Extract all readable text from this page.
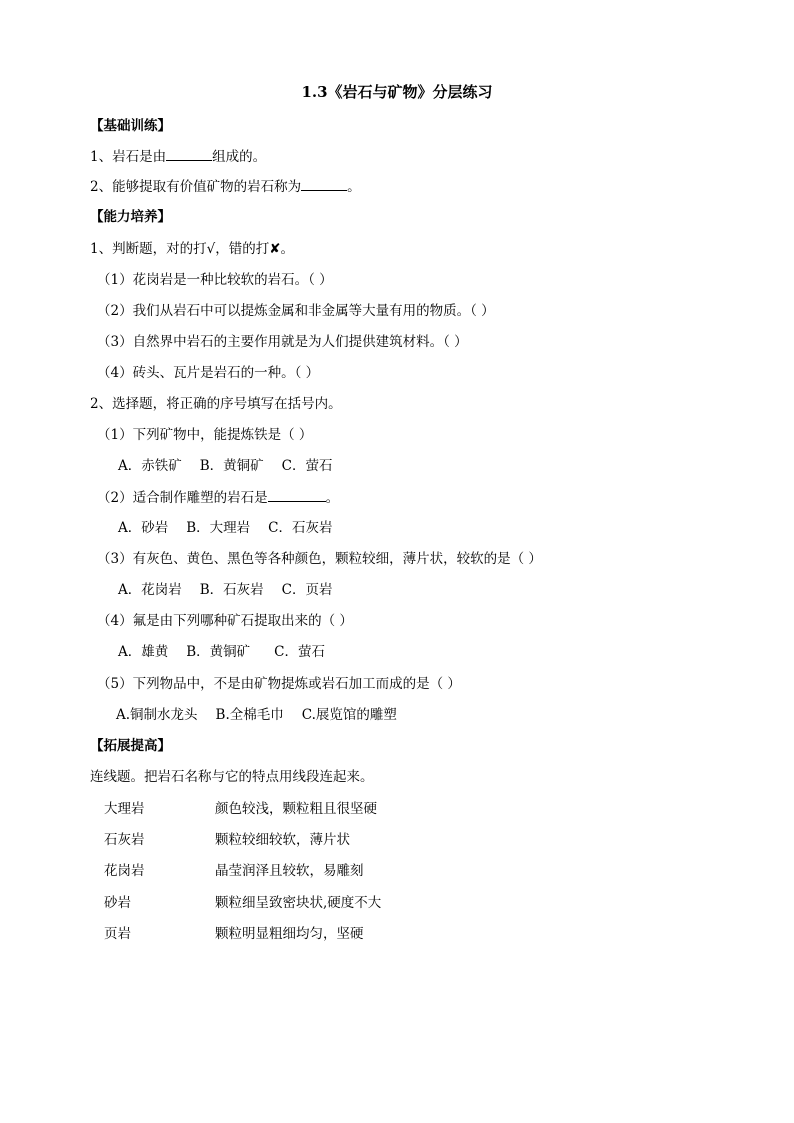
1.3《岩石与矿物》分层练习
【基础训练】
1、岩石是由	组成的。
2、能够提取有价值矿物的岩石称为	。
【能力培养】
1、判断题，对的打√，错的打✘。
（1）花岗岩是一种比较软的岩石。（ ）
（2）我们从岩石中可以提炼金属和非金属等大量有用的物质。（ ）
（3）自然界中岩石的主要作用就是为人们提供建筑材料。（ ）
（4）砖头、瓦片是岩石的一种。（ ）
2、选择题，将正确的序号填写在括号内。
（1）下列矿物中，能提炼铁是（ ）
A．赤铁矿 B．黄铜矿 C．萤石
（2）适合制作雕塑的岩石是	。
A．砂岩 B．大理岩 C．石灰岩
（3）有灰色、黄色、黑色等各种颜色，颗粒较细，薄片状，较软的是（ ）
A．花岗岩 B．石灰岩 C．页岩
（4）氟是由下列哪种矿石提取出来的（ ）
A．雄黄 B．黄铜矿 C．萤石
（5）下列物品中，不是由矿物提炼或岩石加工而成的是（ ）
A.铜制水龙头 B.全棉毛巾 C.展览馆的雕塑
【拓展提高】
连线题。把岩石名称与它的特点用线段连起来。
大理岩	颜色较浅，颗粒粗且很坚硬
石灰岩	颗粒较细较软，薄片状
花岗岩	晶莹润泽且较软，易雕刻
砂岩	颗粒细呈致密块状,硬度不大
页岩	颗粒明显粗细均匀，坚硬
